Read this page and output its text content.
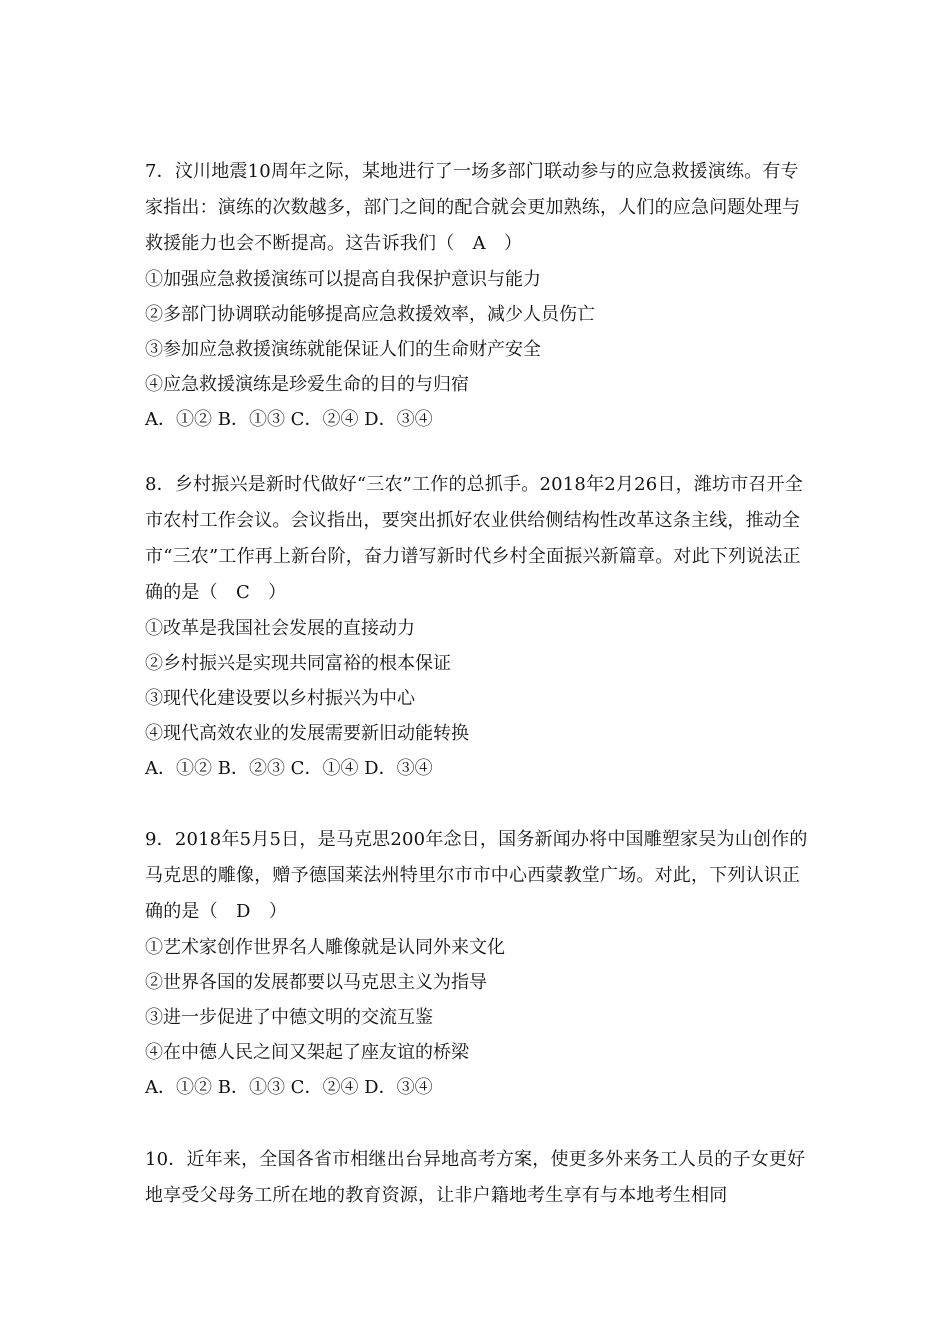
7．汶川地震10周年之际，某地进行了一场多部门联动参与的应急救援演练。有专家指出：演练的次数越多，部门之间的配合就会更加熟练，人们的应急问题处理与救援能力也会不断提高。这告诉我们（　A　）

①加强应急救援演练可以提高自我保护意识与能力

②多部门协调联动能够提高应急救援效率，减少人员伤亡

③参加应急救援演练就能保证人们的生命财产安全

④应急救援演练是珍爱生命的目的与归宿

A．①② B．①③ C．②④ D．③④

8．乡村振兴是新时代做好“三农”工作的总抓手。2018年2月26日，潍坊市召开全市农村工作会议。会议指出，要突出抓好农业供给侧结构性改革这条主线，推动全市“三农”工作再上新台阶，奋力谱写新时代乡村全面振兴新篇章。对此下列说法正确的是（　C　）

①改革是我国社会发展的直接动力

②乡村振兴是实现共同富裕的根本保证

③现代化建设要以乡村振兴为中心

④现代高效农业的发展需要新旧动能转换

A．①② B．②③ C．①④ D．③④

9．2018年5月5日，是马克思200年念日，国务新闻办将中国雕塑家吴为山创作的马克思的雕像，赠予德国莱法州特里尔市市中心西蒙教堂广场。对此，下列认识正确的是（　D　）

①艺术家创作世界名人雕像就是认同外来文化

②世界各国的发展都要以马克思主义为指导

③进一步促进了中德文明的交流互鉴

④在中德人民之间又架起了座友谊的桥梁

A．①② B．①③ C．②④ D．③④

10．近年来，全国各省市相继出台异地高考方案，使更多外来务工人员的子女更好地享受父母务工所在地的教育资源，让非户籍地考生享有与本地考生相同
